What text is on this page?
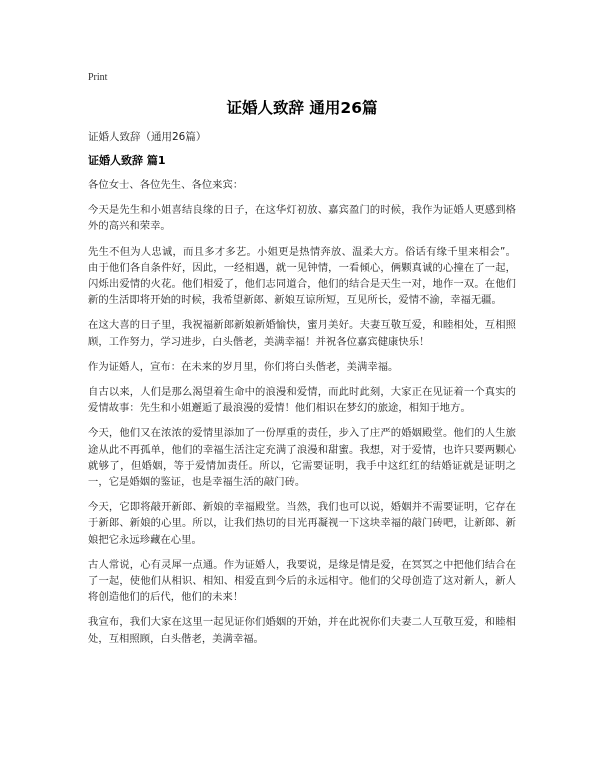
Print
证婚人致辞 通用26篇
证婚人致辞（通用26篇）
证婚人致辞 篇1

各位女士、各位先生、各位来宾：

今天是先生和小姐喜结良缘的日子，在这华灯初放、嘉宾盈门的时候，我作为证婚人更感到格外的高兴和荣幸。

先生不但为人忠诚，而且多才多艺。小姐更是热情奔放、温柔大方。俗话有缘千里来相会”。由于他们各自条件好，因此，一经相遇，就一见钟情，一看倾心，俩颗真诚的心撞在了一起，闪烁出爱情的火花。他们相爱了，他们志同道合，他们的结合是天生一对，地作一双。在他们新的生活即将开始的时候，我希望新郎、新娘互谅所短，互见所长，爱情不渝，幸福无疆。

在这大喜的日子里，我祝福新郎新娘新婚愉快，蜜月美好。夫妻互敬互爱，和睦相处，互相照顾，工作努力，学习进步，白头偕老，美满幸福！并祝各位嘉宾健康快乐！

作为证婚人，宣布：在未来的岁月里，你们将白头偕老，美满幸福。

自古以来，人们是那么渴望着生命中的浪漫和爱情，而此时此刻，大家正在见证着一个真实的爱情故事：先生和小姐邂逅了最浪漫的爱情！他们相识在梦幻的旅途，相知于地方。

今天，他们又在浓浓的爱情里添加了一份厚重的责任，步入了庄严的婚姻殿堂。他们的人生旅途从此不再孤单，他们的幸福生活注定充满了浪漫和甜蜜。我想，对于爱情，也许只要两颗心就够了，但婚姻，等于爱情加责任。所以，它需要证明，我手中这红红的结婚证就是证明之一，它是婚姻的鉴证，也是幸福生活的敲门砖。

今天，它即将敲开新郎、新娘的幸福殿堂。当然，我们也可以说，婚姻并不需要证明，它存在于新郎、新娘的心里。所以，让我们热切的目光再凝视一下这块幸福的敲门砖吧，让新郎、新娘把它永远珍藏在心里。

古人常说，心有灵犀一点通。作为证婚人，我要说，是缘是情是爱，在冥冥之中把他们结合在了一起，使他们从相识、相知、相爱直到今后的永远相守。他们的父母创造了这对新人，新人将创造他们的后代，他们的未来！

我宣布，我们大家在这里一起见证你们婚姻的开始，并在此祝你们夫妻二人互敬互爱，和睦相处，互相照顾，白头偕老，美满幸福。
